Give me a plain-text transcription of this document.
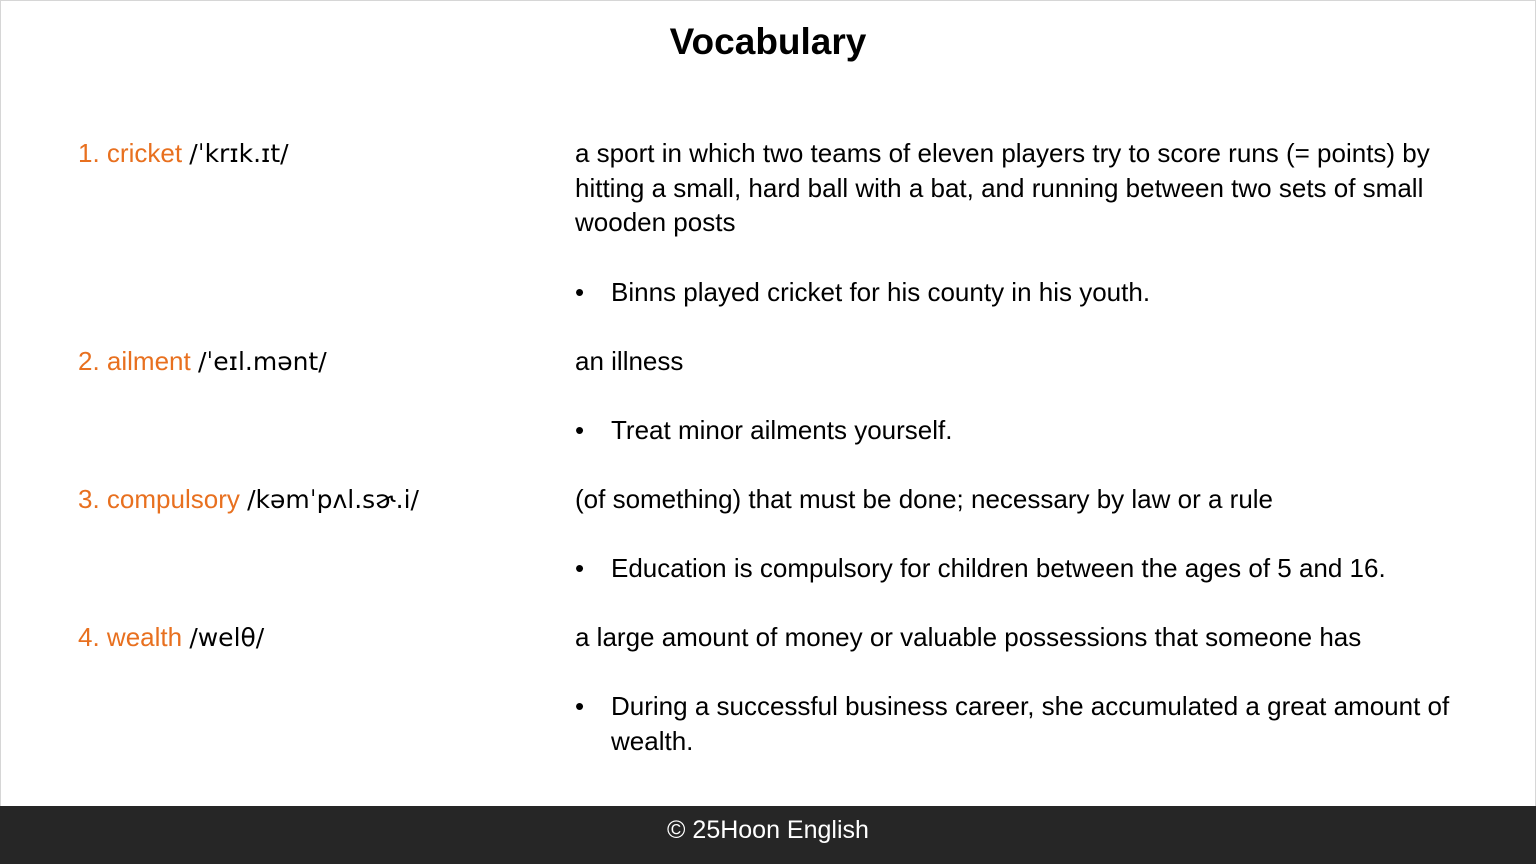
Vocabulary
1. cricket /ˈkrɪk.ɪt/	a sport in which two teams of eleven players try to score runs (= points) by hitting a small, hard ball with a bat, and running between two sets of small wooden posts
•	Binns played cricket for his county in his youth.
2. ailment /ˈeɪl.mənt/	an illness
•	Treat minor ailments yourself.
3. compulsory /kəmˈpʌl.sɚ.i/	(of something) that must be done; necessary by law or a rule
•	Education is compulsory for children between the ages of 5 and 16.
4. wealth /welθ/	a large amount of money or valuable possessions that someone has
•	During a successful business career, she accumulated a great amount of wealth.
© 25Hoon English
